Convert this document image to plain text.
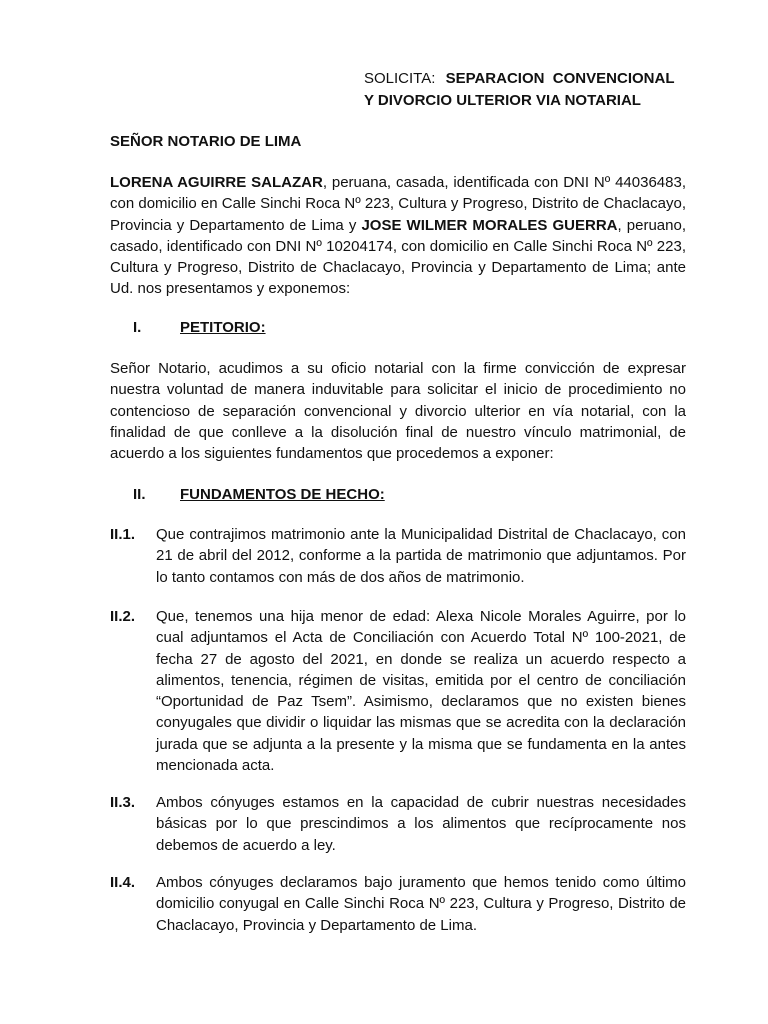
SOLICITA: SEPARACION  CONVENCIONAL
Y DIVORCIO ULTERIOR VIA NOTARIAL
SEÑOR NOTARIO DE LIMA
LORENA AGUIRRE SALAZAR, peruana, casada, identificada con DNI Nº 44036483, con domicilio en Calle Sinchi Roca Nº 223, Cultura y Progreso, Distrito de Chaclacayo, Provincia y Departamento de Lima y JOSE WILMER MORALES GUERRA, peruano, casado, identificado con DNI Nº 10204174, con domicilio en Calle Sinchi Roca Nº 223, Cultura y Progreso, Distrito de Chaclacayo, Provincia y Departamento de Lima; ante Ud. nos presentamos y exponemos:
I.	PETITORIO:
Señor Notario, acudimos a su oficio notarial con la firme convicción de expresar nuestra voluntad de manera induvitable para solicitar el inicio de procedimiento no contencioso de separación convencional y divorcio ulterior en vía notarial, con la finalidad de que conlleve a la disolución final de nuestro vínculo matrimonial, de acuerdo a los siguientes fundamentos que procedemos a exponer:
II. FUNDAMENTOS DE HECHO:
II.1. Que contrajimos matrimonio ante la Municipalidad Distrital de Chaclacayo, con 21 de abril del 2012, conforme a la partida de matrimonio que adjuntamos. Por lo tanto contamos con más de dos años de matrimonio.
II.2. Que, tenemos una hija menor de edad: Alexa Nicole Morales Aguirre, por lo cual adjuntamos el Acta de Conciliación con Acuerdo Total Nº 100-2021, de fecha 27 de agosto del 2021, en donde se realiza un acuerdo respecto a alimentos, tenencia, régimen de visitas, emitida por el centro de conciliación “Oportunidad de Paz Tsem”. Asimismo, declaramos que no existen bienes conyugales que dividir o liquidar las mismas que se acredita con la declaración jurada que se adjunta a la presente y la misma que se fundamenta en la antes mencionada acta.
II.3. Ambos cónyuges estamos en la capacidad de cubrir nuestras necesidades básicas por lo que prescindimos a los alimentos que recíprocamente nos debemos de acuerdo a ley.
II.4. Ambos cónyuges declaramos bajo juramento que hemos tenido como último domicilio conyugal en Calle Sinchi Roca Nº 223, Cultura y Progreso, Distrito de Chaclacayo, Provincia y Departamento de Lima.
